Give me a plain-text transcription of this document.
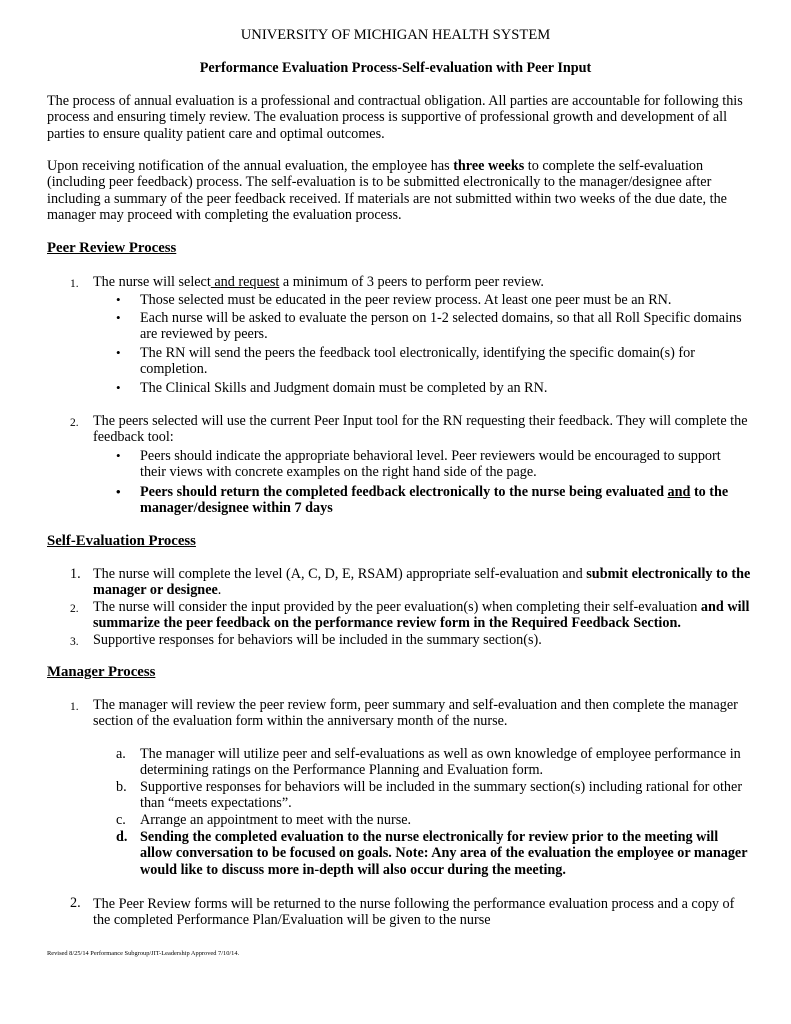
UNIVERSITY OF MICHIGAN HEALTH SYSTEM
Performance Evaluation Process-Self-evaluation with Peer Input
The process of annual evaluation is a professional and contractual obligation. All parties are accountable for following this process and ensuring timely review. The evaluation process is supportive of professional growth and development of all parties to ensure quality patient care and optimal outcomes.
Upon receiving notification of the annual evaluation, the employee has three weeks to complete the self-evaluation (including peer feedback) process. The self-evaluation is to be submitted electronically to the manager/designee after including a summary of the peer feedback received. If materials are not submitted within two weeks of the due date, the manager may proceed with completing the evaluation process.
Peer Review Process
1. The nurse will select and request a minimum of 3 peers to perform peer review.
• Those selected must be educated in the peer review process. At least one peer must be an RN.
• Each nurse will be asked to evaluate the person on 1-2 selected domains, so that all Roll Specific domains are reviewed by peers.
• The RN will send the peers the feedback tool electronically, identifying the specific domain(s) for completion.
• The Clinical Skills and Judgment domain must be completed by an RN.
2. The peers selected will use the current Peer Input tool for the RN requesting their feedback. They will complete the feedback tool:
• Peers should indicate the appropriate behavioral level. Peer reviewers would be encouraged to support their views with concrete examples on the right hand side of the page.
• Peers should return the completed feedback electronically to the nurse being evaluated and to the manager/designee within 7 days
Self-Evaluation Process
1. The nurse will complete the level (A, C, D, E, RSAM) appropriate self-evaluation and submit electronically to the manager or designee.
2. The nurse will consider the input provided by the peer evaluation(s) when completing their self-evaluation and will summarize the peer feedback on the performance review form in the Required Feedback Section.
3. Supportive responses for behaviors will be included in the summary section(s).
Manager Process
1. The manager will review the peer review form, peer summary and self-evaluation and then complete the manager section of the evaluation form within the anniversary month of the nurse.
a. The manager will utilize peer and self-evaluations as well as own knowledge of employee performance in determining ratings on the Performance Planning and Evaluation form.
b. Supportive responses for behaviors will be included in the summary section(s) including rational for other than “meets expectations”.
c. Arrange an appointment to meet with the nurse.
d. Sending the completed evaluation to the nurse electronically for review prior to the meeting will allow conversation to be focused on goals. Note: Any area of the evaluation the employee or manager would like to discuss more in-depth will also occur during the meeting.
2. The Peer Review forms will be returned to the nurse following the performance evaluation process and a copy of the completed Performance Plan/Evaluation will be given to the nurse
Revised 8/25/14 Performance Subgroup/JIT-Leadership Approved 7/10/14.
